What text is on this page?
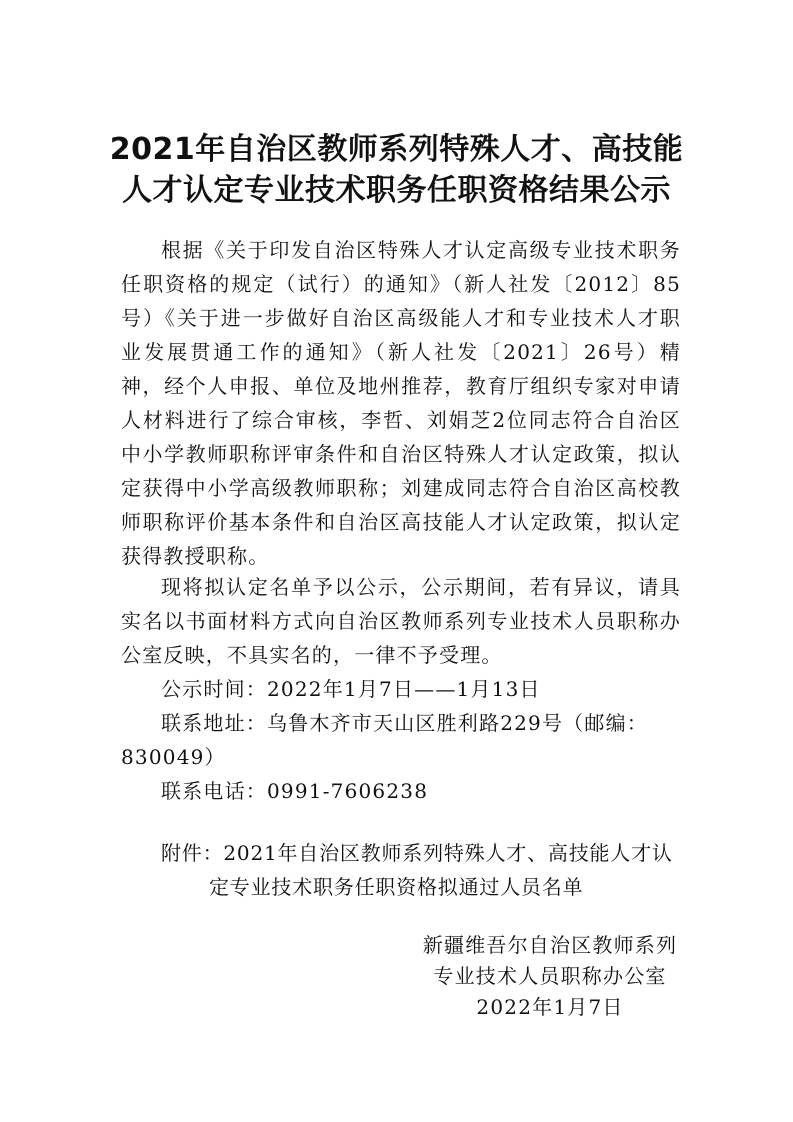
2021年自治区教师系列特殊人才、高技能
人才认定专业技术职务任职资格结果公示

根据《关于印发自治区特殊人才认定高级专业技术职务任职资格的规定（试行）的通知》（新人社发〔2012〕85号）《关于进一步做好自治区高级能人才和专业技术人才职业发展贯通工作的通知》（新人社发〔2021〕26号）精神，经个人申报、单位及地州推荐，教育厅组织专家对申请人材料进行了综合审核，李哲、刘娟芝2位同志符合自治区中小学教师职称评审条件和自治区特殊人才认定政策，拟认定获得中小学高级教师职称；刘建成同志符合自治区高校教师职称评价基本条件和自治区高技能人才认定政策，拟认定获得教授职称。

现将拟认定名单予以公示，公示期间，若有异议，请具实名以书面材料方式向自治区教师系列专业技术人员职称办公室反映，不具实名的，一律不予受理。

公示时间：2022年1月7日——1月13日

联系地址：乌鲁木齐市天山区胜利路229号（邮编：830049）

联系电话：0991-7606238

附件：2021年自治区教师系列特殊人才、高技能人才认
定专业技术职务任职资格拟通过人员名单
新疆维吾尔自治区教师系列
专业技术人员职称办公室
2022年1月7日
